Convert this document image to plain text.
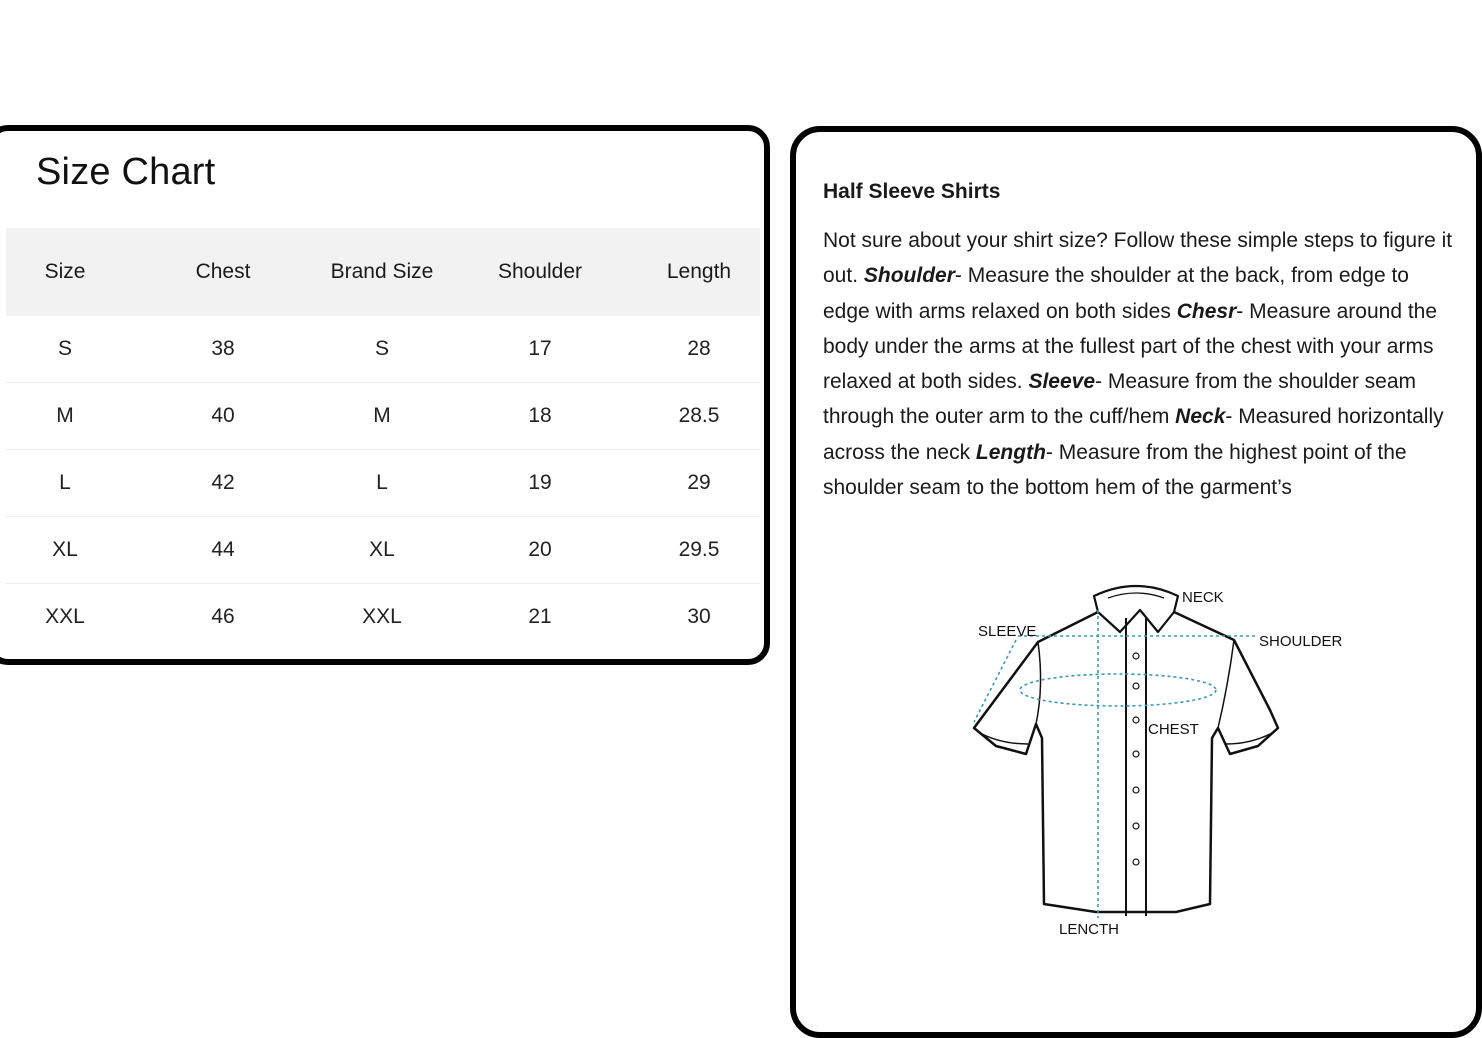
Size Chart
Size	Chest	Brand Size	Shoulder	Length
S	38	S	17	28
M	40	M	18	28.5
L	42	L	19	29
XL	44	XL	20	29.5
XXL	46	XXL	21	30
Half Sleeve Shirts

Not sure about your shirt size? Follow these simple steps to figure it out. Shoulder- Measure the shoulder at the back, from edge to edge with arms relaxed on both sides Chesr- Measure around the body under the arms at the fullest part of the chest with your arms relaxed at both sides. Sleeve- Measure from the shoulder seam through the outer arm to the cuff/hem Neck- Measured horizontally across the neck Length- Measure from the highest point of the shoulder seam to the bottom hem of the garment’s

NECK
SLEEVE
SHOULDER
CHEST
LENCTH
